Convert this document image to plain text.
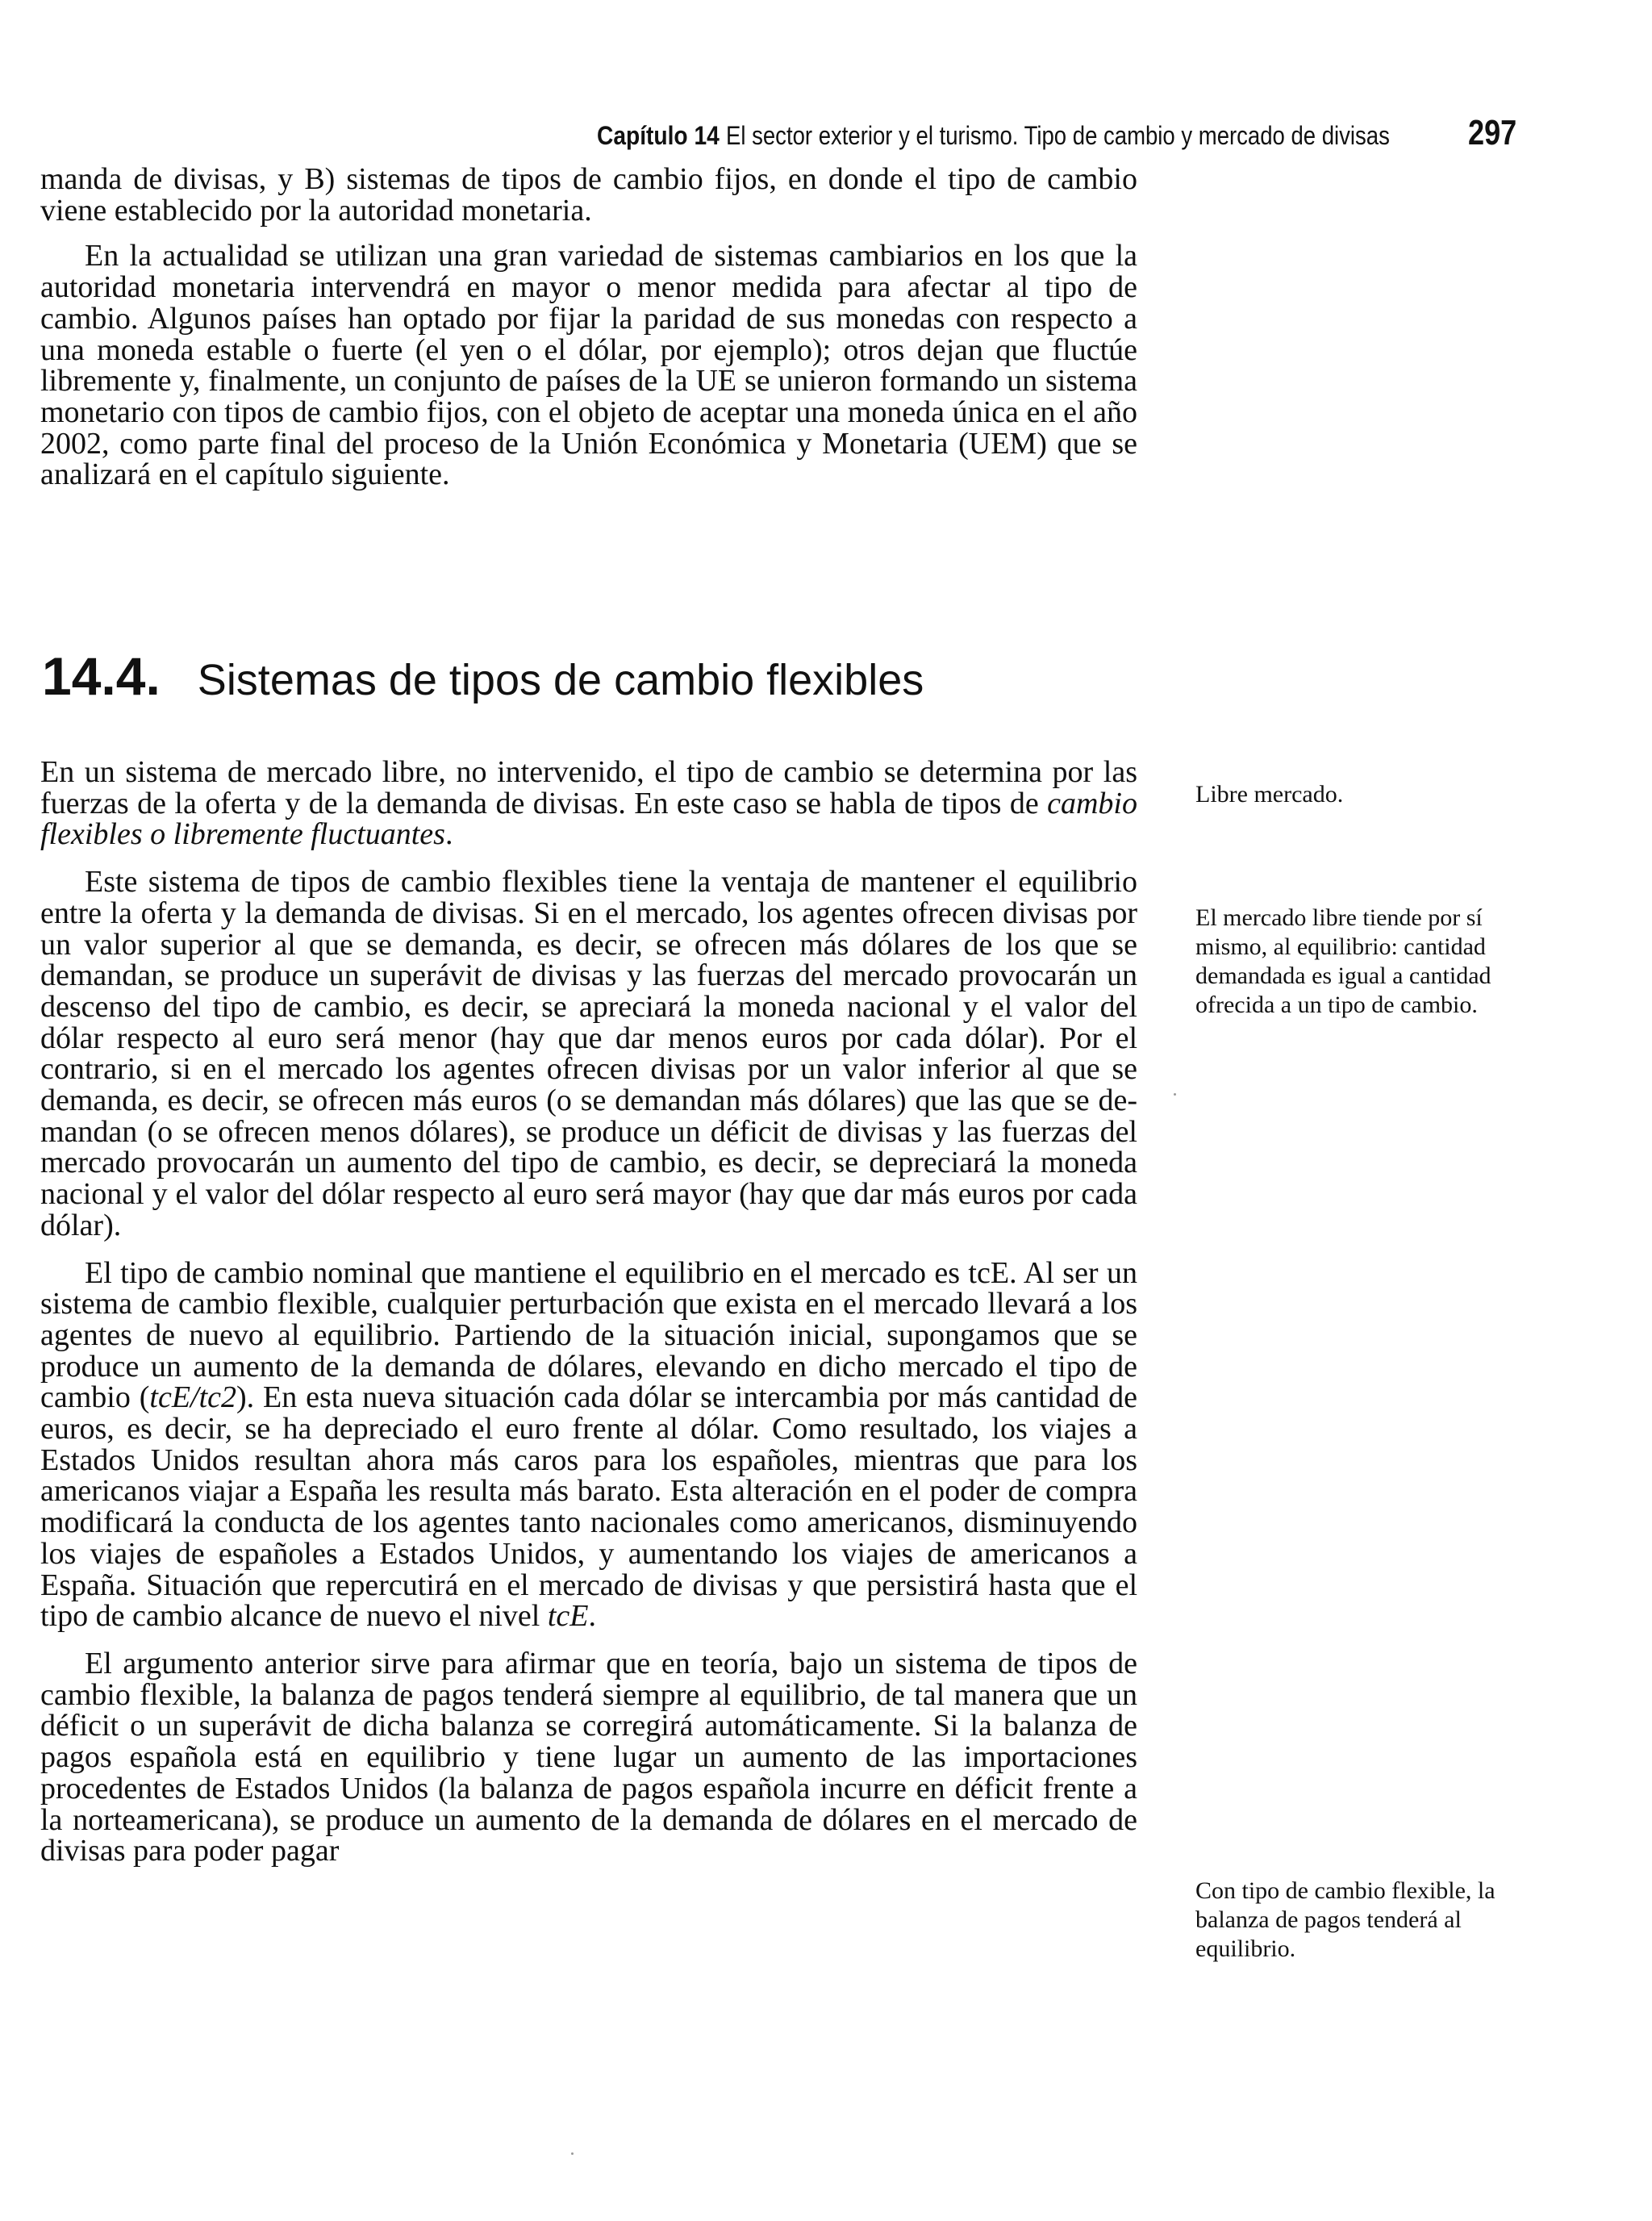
Capítulo 14 El sector exterior y el turismo. Tipo de cambio y mercado de divisas 297

manda de divisas, y B) sistemas de tipos de cambio fijos, en donde el tipo de cambio viene establecido por la autoridad monetaria.

En la actualidad se utilizan una gran variedad de sistemas cambiarios en los que la autoridad monetaria intervendrá en mayor o menor medida para afectar al tipo de cambio. Algunos países han optado por fijar la paridad de sus monedas con respecto a una moneda estable o fuerte (el yen o el dólar, por ejemplo); otros dejan que fluctúe libremente y, finalmente, un conjunto de países de la UE se unieron formando un sistema monetario con tipos de cambio fijos, con el objeto de aceptar una moneda única en el año 2002, como parte final del proceso de la Unión Económica y Monetaria (UEM) que se analizará en el capítulo siguiente.

14.4. Sistemas de tipos de cambio flexibles

En un sistema de mercado libre, no intervenido, el tipo de cambio se determina por las fuerzas de la oferta y de la demanda de divisas. En este caso se habla de tipos de cambio flexibles o libremente fluctuantes.

Este sistema de tipos de cambio flexibles tiene la ventaja de mantener el equilibrio entre la oferta y la demanda de divisas. Si en el mercado, los agentes ofrecen divisas por un valor superior al que se demanda, es decir, se ofrecen más dólares de los que se demandan, se produce un superávit de divisas y las fuerzas del mercado provocarán un descenso del tipo de cambio, es decir, se apreciará la moneda nacional y el valor del dólar respecto al euro será menor (hay que dar menos euros por cada dólar). Por el contrario, si en el mercado los agentes ofrecen divisas por un valor inferior al que se demanda, es decir, se ofrecen más euros (o se demandan más dólares) que las que se demandan (o se ofrecen menos dólares), se produce un déficit de divisas y las fuerzas del mercado provocarán un aumento del tipo de cambio, es decir, se depreciará la moneda nacional y el valor del dólar respecto al euro será mayor (hay que dar más euros por cada dólar).

El tipo de cambio nominal que mantiene el equilibrio en el mercado es tcE. Al ser un sistema de cambio flexible, cualquier perturbación que exista en el mercado llevará a los agentes de nuevo al equilibrio. Partiendo de la situación inicial, supongamos que se produce un aumento de la demanda de dólares, elevando en dicho mercado el tipo de cambio (tcE/tc2). En esta nueva situación cada dólar se intercambia por más cantidad de euros, es decir, se ha depreciado el euro frente al dólar. Como resultado, los viajes a Estados Unidos resultan ahora más caros para los españoles, mientras que para los americanos viajar a España les resulta más barato. Esta alteración en el poder de compra modificará la conducta de los agentes tanto nacionales como americanos, disminuyendo los viajes de españoles a Estados Unidos, y aumentando los viajes de americanos a España. Situación que repercutirá en el mercado de divisas y que persistirá hasta que el tipo de cambio alcance de nuevo el nivel tcE.

El argumento anterior sirve para afirmar que en teoría, bajo un sistema de tipos de cambio flexible, la balanza de pagos tenderá siempre al equilibrio, de tal manera que un déficit o un superávit de dicha balanza se corregirá automáticamente. Si la balanza de pagos española está en equilibrio y tiene lugar un aumento de las importaciones procedentes de Estados Unidos (la balanza de pagos española incurre en déficit frente a la norteamericana), se produce un aumento de la demanda de dólares en el mercado de divisas para poder pagar

Libre mercado.
El mercado libre tiende por sí mismo, al equilibrio: cantidad demandada es igual a cantidad ofrecida a un tipo de cambio.
Con tipo de cambio flexible, la balanza de pagos tenderá al equilibrio.
